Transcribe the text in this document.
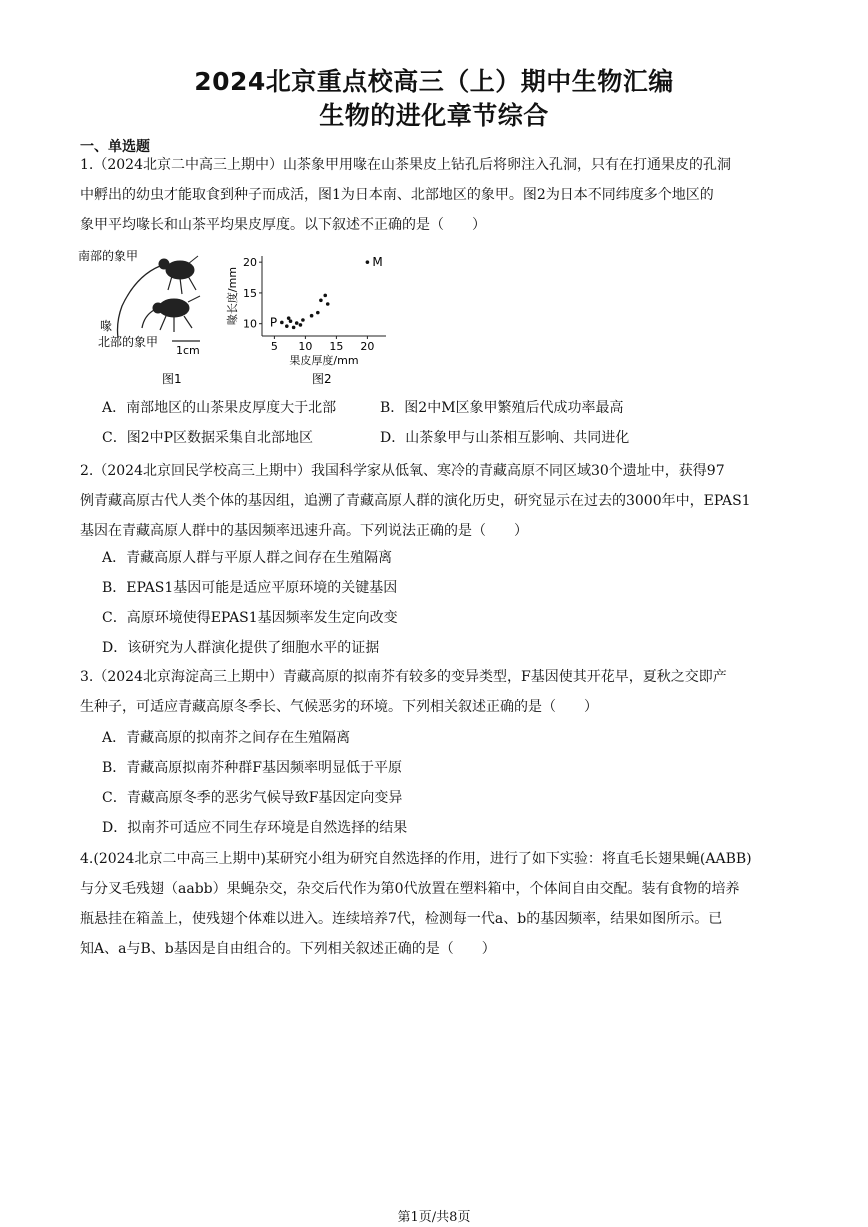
2024北京重点校高三（上）期中生物汇编
生物的进化章节综合
一、单选题
1.（2024北京二中高三上期中）山茶象甲用喙在山茶果皮上钻孔后将卵注入孔洞，只有在打通果皮的孔洞
中孵出的幼虫才能取食到种子而成活，图1为日本南、北部地区的象甲。图2为日本不同纬度多个地区的
象甲平均喙长和山茶平均果皮厚度。以下叙述不正确的是（　　）
南部的象甲
喙
北部的象甲
1cm
图1
喙长度/mm
果皮厚度/mm
5 10 15 20
10
15
20
P
M
图2
A．南部地区的山茶果皮厚度大于北部	B．图2中M区象甲繁殖后代成功率最高
C．图2中P区数据采集自北部地区	D．山茶象甲与山茶相互影响、共同进化
2.（2024北京回民学校高三上期中）我国科学家从低氧、寒冷的青藏高原不同区域30个遗址中，获得97
例青藏高原古代人类个体的基因组，追溯了青藏高原人群的演化历史，研究显示在过去的3000年中，EPAS1
基因在青藏高原人群中的基因频率迅速升高。下列说法正确的是（　　）
A．青藏高原人群与平原人群之间存在生殖隔离
B．EPAS1基因可能是适应平原环境的关键基因
C．高原环境使得EPAS1基因频率发生定向改变
D．该研究为人群演化提供了细胞水平的证据
3.（2024北京海淀高三上期中）青藏高原的拟南芥有较多的变异类型，F基因使其开花早，夏秋之交即产
生种子，可适应青藏高原冬季长、气候恶劣的环境。下列相关叙述正确的是（　　）
A．青藏高原的拟南芥之间存在生殖隔离
B．青藏高原拟南芥种群F基因频率明显低于平原
C．青藏高原冬季的恶劣气候导致F基因定向变异
D．拟南芥可适应不同生存环境是自然选择的结果
4.(2024北京二中高三上期中)某研究小组为研究自然选择的作用，进行了如下实验：将直毛长翅果蝇(AABB)
与分叉毛残翅（aabb）果蝇杂交，杂交后代作为第0代放置在塑料箱中，个体间自由交配。装有食物的培养
瓶悬挂在箱盖上，使残翅个体难以进入。连续培养7代，检测每一代a、b的基因频率，结果如图所示。已
知A、a与B、b基因是自由组合的。下列相关叙述正确的是（　　）
第1页/共8页
